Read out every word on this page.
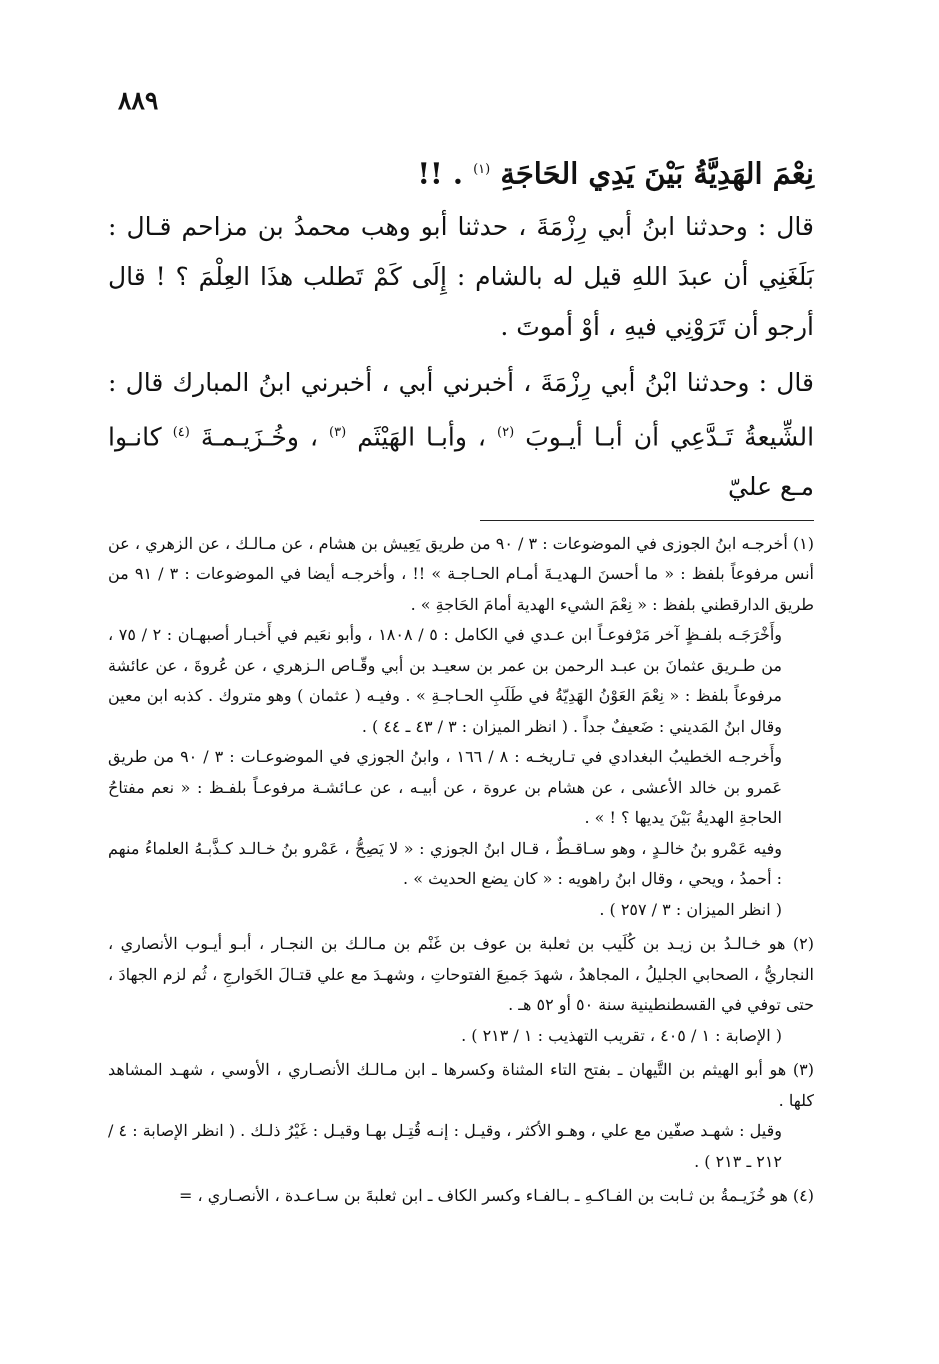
٨٨٩
نِعْمَ الهَدِيَّةُ بَيْنَ يَدِي الحَاجَةِ $^{(١)}$ . !!

قال : وحدثنا ابنُ أبي رِزْمَةَ ، حدثنا أبو وهب محمدُ بن مزاحم قـال : بَلَغَنِي أن عبدَ اللهِ قيل له بالشام : إِلَى كَمْ تَطلب هذَا العِلْمَ ؟ ! قال أرجو أن تَرَوْنِي فيهِ ، أوْ أموتَ .

قال : وحدثنا ابْنُ أبي رِزْمَةَ ، أخبرني أبي ، أخبرني ابنُ المبارك قال : الشِّيعةُ تَـدَّعِي أن أبـا أيـوبَ $^{(٢)}$ ، وأبـا الهَيْثَم $^{(٣)}$ ، وخُـزَيـمـةَ $^{(٤)}$ كانـوا مـع عليّ

(١) أخرجـه ابنُ الجوزى في الموضوعات : ٣ / ٩٠ من طريق يَعِيش بن هشام ، عن مـالـك ، عن الزهري ، عن أنس مرفوعاً بلفظ : « ما أحسنَ الـهديـةَ أمـام الحـاجـة » !! ، وأخرجـه أيضا في الموضوعات : ٣ / ٩١ من طريق الدارقطني بلفظ : « نِعْمَ الشيء الهدية أمامَ الحَاجةِ » .
وأَخْرَجَـه بلفـظٍ آخر مَرْفوعـاً ابن عـدي في الكامل : ٥ / ١٨٠٨ ، وأبو نعَيم في أَخبـار أصبهـان : ٢ / ٧٥ ، من طـريق عثمانَ بن عبـد الرحمن بن عمر بن سعيـد بن أبي وقّـاص الـزهري ، عن عُروةَ ، عن عائشة مرفوعاً بلفظ : « نِعْمَ العَوْنُ الهَدِيّةُ في طَلَبِ الحـاجـةِ » . وفيـه ( عثمان ) وهو متروك . كذبه ابن معين وقال ابنُ المَديني : ضَعيفٌ جداً . ( انظر الميزان : ٣ / ٤٣ ـ ٤٤ ) .
وأَخرجـه الخطيبُ البغدادي في تـاريخـه : ٨ / ١٦٦ ، وابنُ الجوزي في الموضوعـات : ٣ / ٩٠ من طريق عَمرو بن خالد الأعشى ، عن هشام بن عروة ، عن أبيـه ، عن عـائشـة مرفوعـاً بلفـظ : « نعم مفتاحُ الحاجةِ الهديةُ بَيْنَ يديها ؟ ! » .
وفيه عَمْرو بنُ خالـدٍ ، وهو سـاقـطٌ ، قـال ابنُ الجوزي : « لا يَصِحُّ ، عَمْرو بنُ خـالـد كـذَّبـهُ العلماءُ منهم : أحمدُ ، ويحي ، وقال ابنُ راهويه : « كان يضع الحديث » .
( انظر الميزان : ٣ / ٢٥٧ ) .
(٢) هو خـالـدُ بن زيـد بن كُلَيب بن ثعلبة بن عوف بن غَنْم بن مـالـك بن النجـار ، أبـو أيـوب الأنصاري ، النجاريُّ ، الصحابي الجليلُ ، المجاهدُ ، شهدَ جَميعَ الفتوحاتِ ، وشهـدَ مع علي قتـالَ الخَوارجِ ، ثُم لزم الجهادَ ، حتى توفي في القسطنطينية سنة ٥٠ أو ٥٢ هـ .
( الإصابة : ١ / ٤٠٥ ، تقريب التهذيب : ١ / ٢١٣ ) .
(٣) هو أبو الهيثم بن التَّيهان ـ بفتح التاء المثناة وكسرها ـ ابن مـالـك الأنصـاري ، الأوسي ، شهـد المشاهد كلها .
وقيل : شهـد صفّين مع علي ، وهـو الأكثر ، وقيـل : إنـه قُتِـل بهـا وقيـل : غَيْرُ ذلـك . ( انظر الإصابة : ٤ / ٢١٢ ـ ٢١٣ ) .
(٤) هو خُزَيـمةُ بن ثـابت بن الفـاكـهِ ـ بـالفـاء وكسر الكاف ـ ابن ثعلبةَ بن سـاعـدة ، الأنصـاري ، =
